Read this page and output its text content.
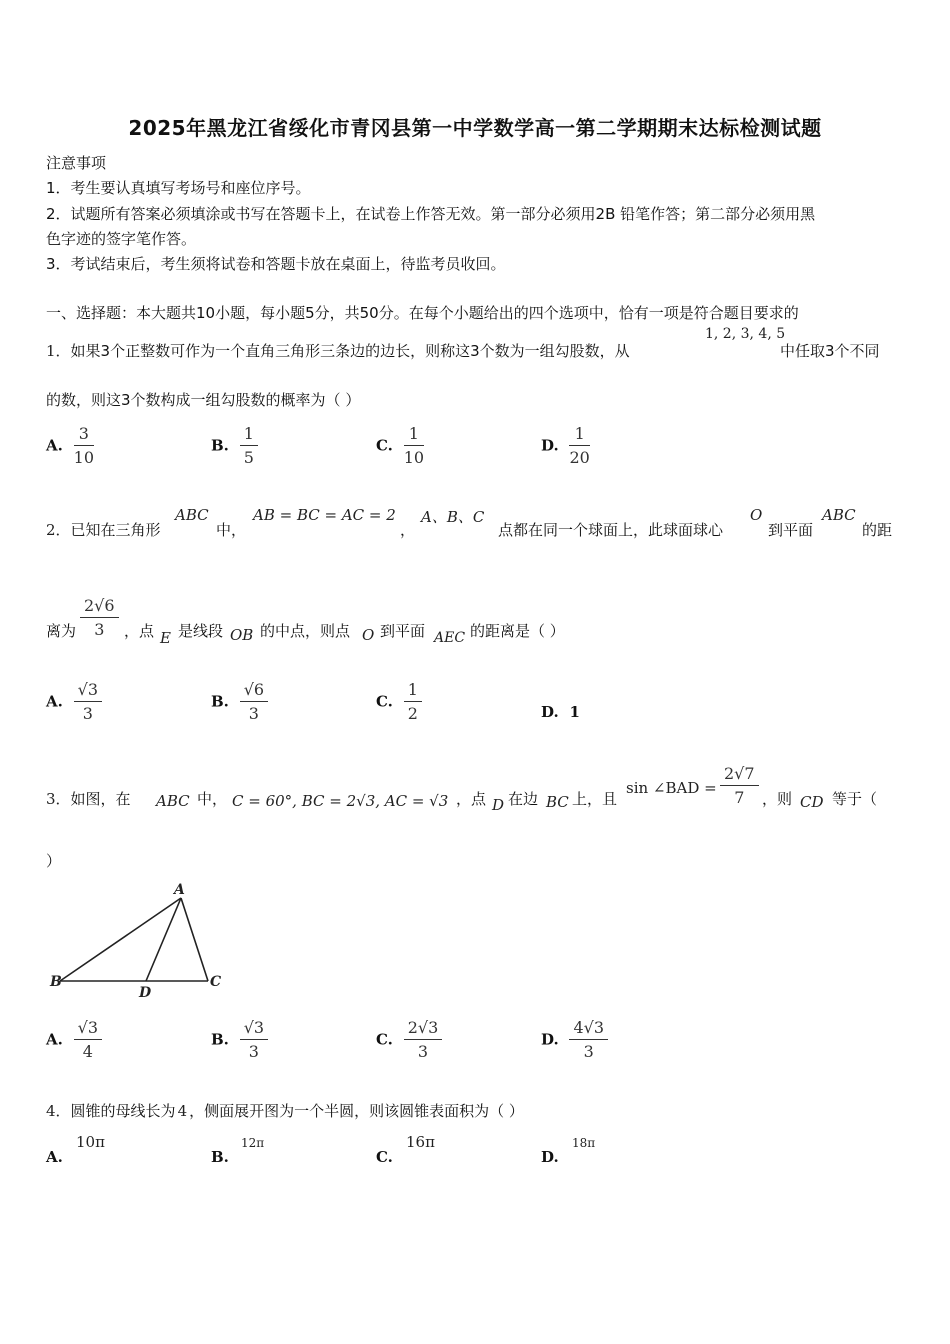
2025年黑龙江省绥化市青冈县第一中学数学高一第二学期期末达标检测试题
注意事项
1．考生要认真填写考场号和座位序号。
2．试题所有答案必须填涂或书写在答题卡上，在试卷上作答无效。第一部分必须用2B 铅笔作答；第二部分必须用黑
色字迹的签字笔作答。
3．考试结束后，考生须将试卷和答题卡放在桌面上，待监考员收回。
一、选择题：本大题共10小题，每小题5分，共50分。在每个小题给出的四个选项中，恰有一项是符合题目要求的
1．如果3个正整数可作为一个直角三角形三条边的边长，则称这3个数为一组勾股数，从
1, 2, 3, 4, 5
中任取3个不同
的数，则这3个数构成一组勾股数的概率为（ ）
A. $\frac{3}{10}$	B. $\frac{1}{5}$	C. $\frac{1}{10}$	D. $\frac{1}{20}$
2．已知在三角形
ABC
中，
AB = BC = AC = 2
，
A、B、C
点都在同一个球面上，此球面球心
O
到平面
ABC
的距
离为 $\frac{2√6}{3}$ ，点 E 是线段 OB 的中点，则点 O 到平面 AEC 的距离是（ ）
A. $\frac{√3}{3}$	B. $\frac{√6}{3}$	C. $\frac{1}{2}$	D. 1
3．如图，在 ABC 中， C = 60°, BC = 2√3, AC = √3 ，点 D 在边 BC 上，且
sin ∠BAD = $\frac{2√7}{7}$ ，则 CD 等于（
）
A
B	C
D
A. $\frac{√3}{4}$	B. $\frac{√3}{3}$	C. $\frac{2√3}{3}$	D. $\frac{4√3}{3}$
4．圆锥的母线长为 4 ，侧面展开图为一个半圆，则该圆锥表面积为（ ）
A.
10π
B.
12π
C.
16π
D.
18π
